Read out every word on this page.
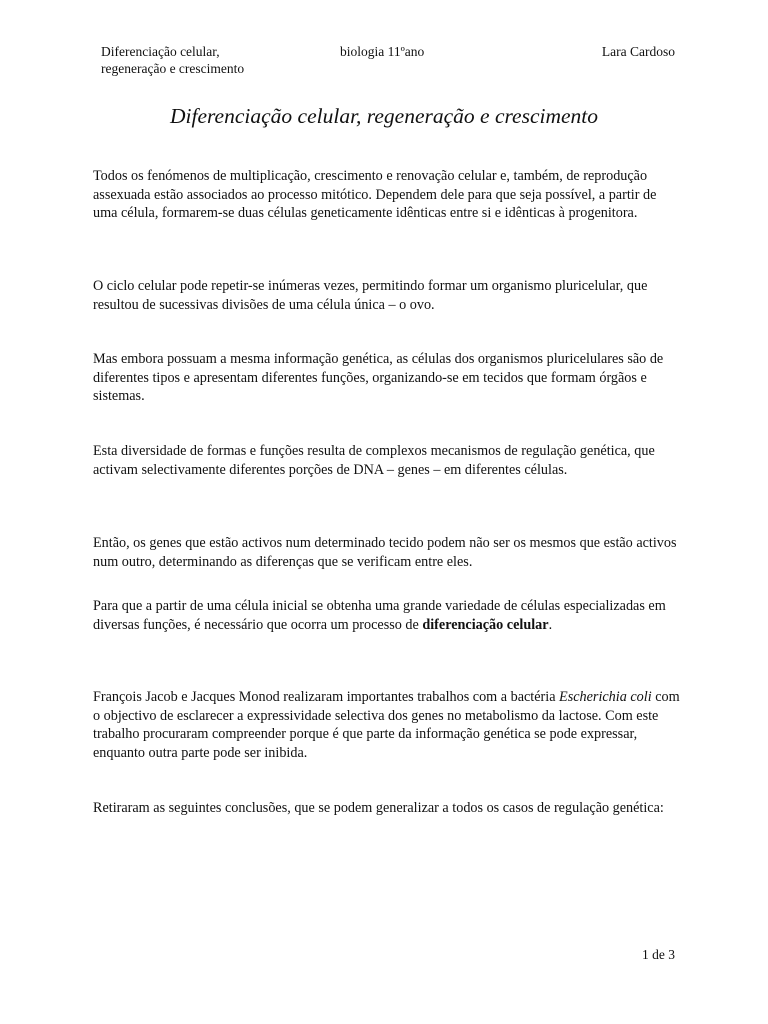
Diferenciação celular,
regeneração e crescimento
biologia 11ºano	Lara Cardoso
Diferenciação celular, regeneração e crescimento

Todos os fenómenos de multiplicação, crescimento e renovação celular e, também, de reprodução assexuada estão associados ao processo mitótico. Dependem dele para que seja possível, a partir de uma célula, formarem-se duas células geneticamente idênticas entre si e idênticas à progenitora.

O ciclo celular pode repetir-se inúmeras vezes, permitindo formar um organismo pluricelular, que resultou de sucessivas divisões de uma célula única – o ovo.

Mas embora possuam a mesma informação genética, as células dos organismos pluricelulares são de diferentes tipos e apresentam diferentes funções, organizando-se em tecidos que formam órgãos e sistemas.

Esta diversidade de formas e funções resulta de complexos mecanismos de regulação genética, que activam selectivamente diferentes porções de DNA – genes – em diferentes células.

Então, os genes que estão activos num determinado tecido podem não ser os mesmos que estão activos num outro, determinando as diferenças que se verificam entre eles.

Para que a partir de uma célula inicial se obtenha uma grande variedade de células especializadas em diversas funções, é necessário que ocorra um processo de diferenciação celular.

François Jacob e Jacques Monod realizaram importantes trabalhos com a bactéria Escherichia coli com o objectivo de esclarecer a expressividade selectiva dos genes no metabolismo da lactose. Com este trabalho procuraram compreender porque é que parte da informação genética se pode expressar, enquanto outra parte pode ser inibida.

Retiraram as seguintes conclusões, que se podem generalizar a todos os casos de regulação genética:

1 de 3
